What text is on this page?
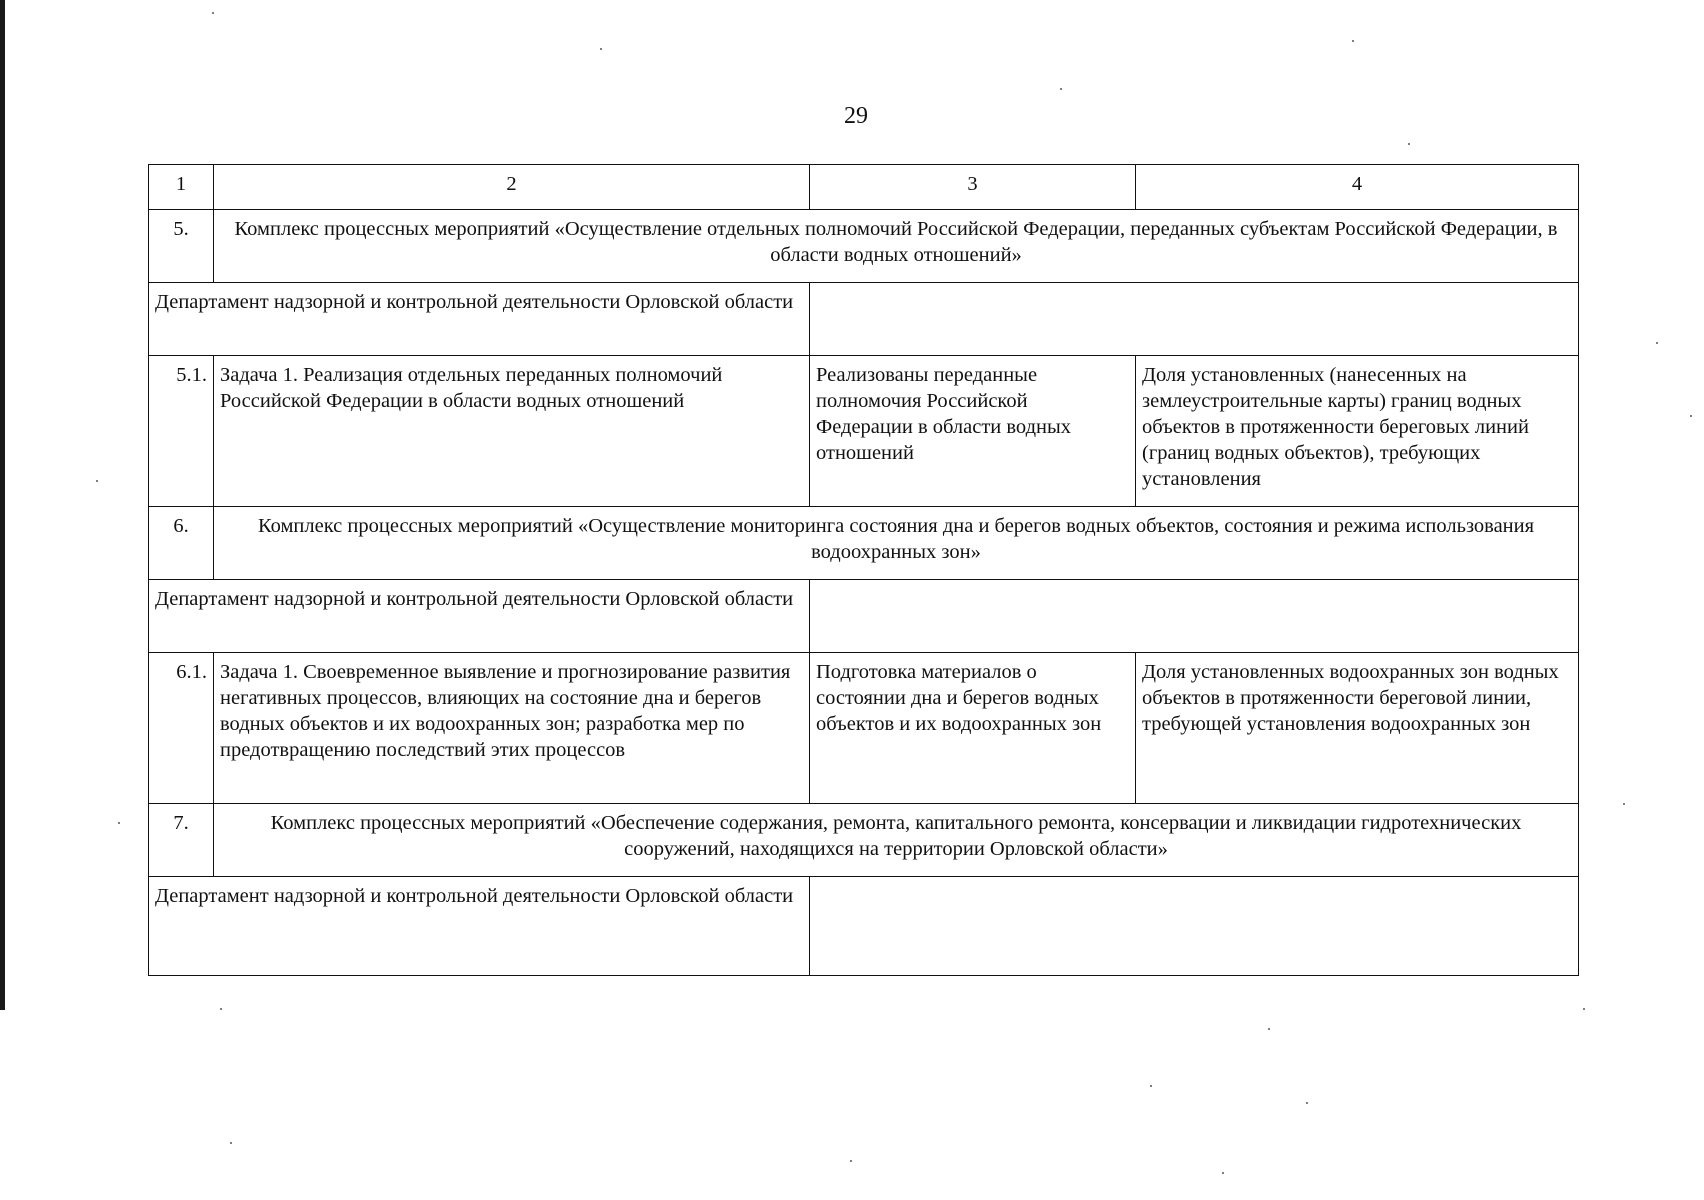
29
1	2	3	4
5.	Комплекс процессных мероприятий «Осуществление отдельных полномочий Российской Федерации, переданных субъектам Российской Федерации, в области водных отношений»		
Департамент надзорной и контрольной деятельности Орловской области			
5.1.	Задача 1. Реализация отдельных переданных полномочий Российской Федерации в области водных отношений	Реализованы переданные полномочия Российской Федерации в области водных отношений	Доля установленных (нанесенных на землеустроительные карты) границ водных объектов в протяженности береговых линий (границ водных объектов), требующих установления
6.	Комплекс процессных мероприятий «Осуществление мониторинга состояния дна и берегов водных объектов, состояния и режима использования водоохранных зон»		
Департамент надзорной и контрольной деятельности Орловской области			
6.1.	Задача 1. Своевременное выявление и прогнозирование развития негативных процессов, влияющих на состояние дна и берегов водных объектов и их водоохранных зон; разработка мер по предотвращению последствий этих процессов	Подготовка материалов о состоянии дна и берегов водных объектов и их водоохранных зон	Доля установленных водоохранных зон водных объектов в протяженности береговой линии, требующей установления водоохранных зон
7.	Комплекс процессных мероприятий «Обеспечение содержания, ремонта, капитального ремонта, консервации и ликвидации гидротехнических сооружений, находящихся на территории Орловской области»		
Департамент надзорной и контрольной деятельности Орловской области			
